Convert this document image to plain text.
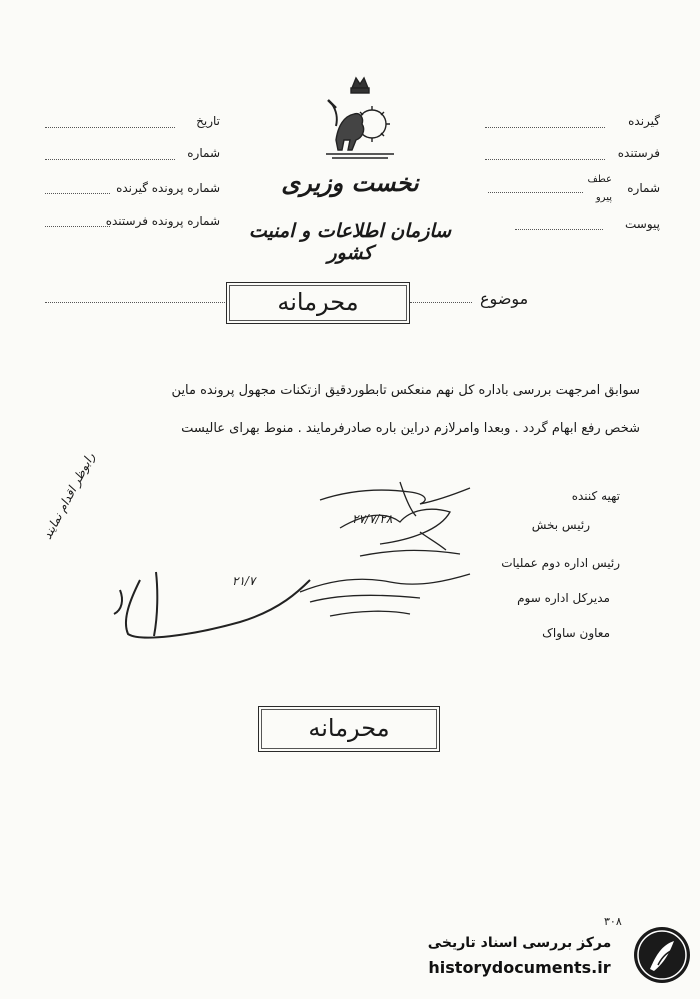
گیرنده
فرستنده
شماره
عطف
پیرو
پیوست
تاریخ
شماره
شماره پرونده گیرنده
شماره پرونده فرستنده
نخست وزیری
سازمان اطلاعات و امنیت کشور
محرمانه	موضوع
سوابق امرجهت بررسی باداره کل نهم منعکس تابطوردقیق ازتکنات مجهول پرونده ماین
شخص رفع ابهام گردد . وبعدا وامرلازم دراین باره صادرفرمایند . منوط بهرای عالیست
تهیه کننده
رئیس بخش
رئیس اداره دوم عملیات
مدیرکل اداره سوم
معاون ساواک
۲۷/۷/۲۸
رابوظر اقدام نمایند
۲۱/۷
محرمانه
۳۰۸
مرکز بررسی اسناد تاریخی
historydocuments.ir
